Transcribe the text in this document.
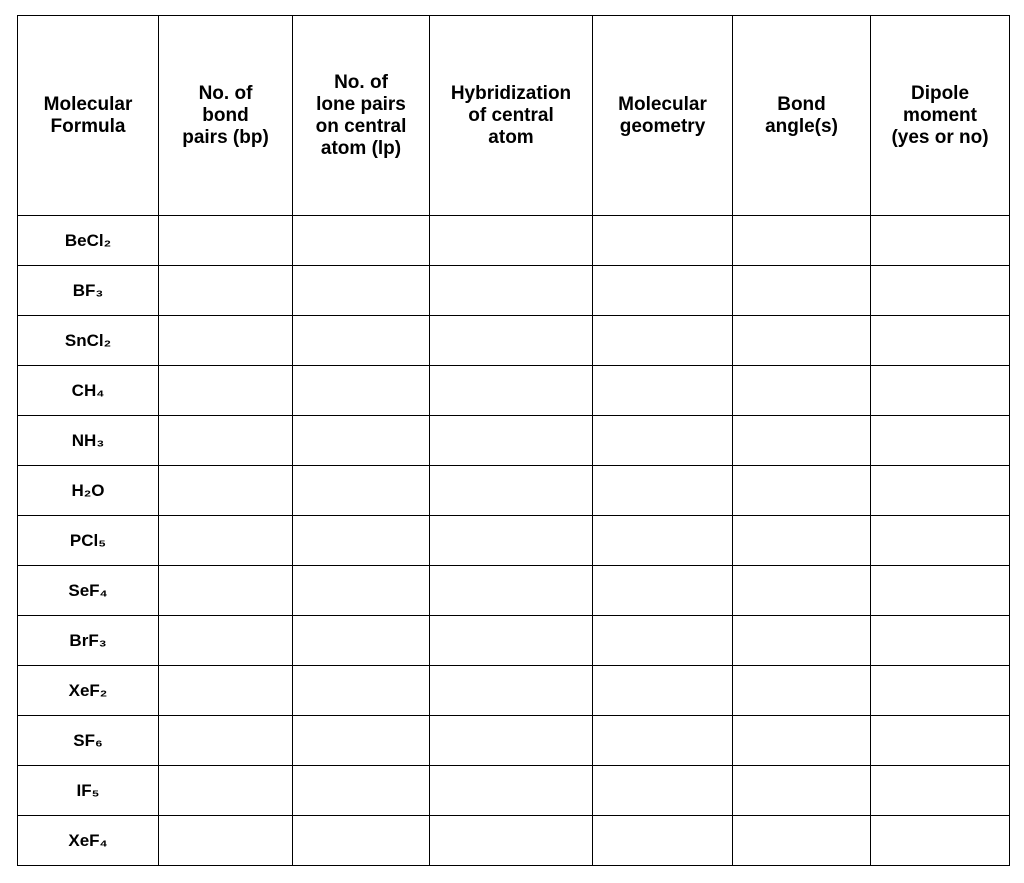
Molecular
Formula	No. of
bond
pairs (bp)	No. of
lone pairs
on central
atom (lp)	Hybridization
of central
atom	Molecular
geometry	Bond
angle(s)	Dipole
moment
(yes or no)

BeCl₂						
BF₃						
SnCl₂						
CH₄						
NH₃						
H₂O						
PCl₅						
SeF₄						
BrF₃						
XeF₂						
SF₆						
IF₅						
XeF₄						
